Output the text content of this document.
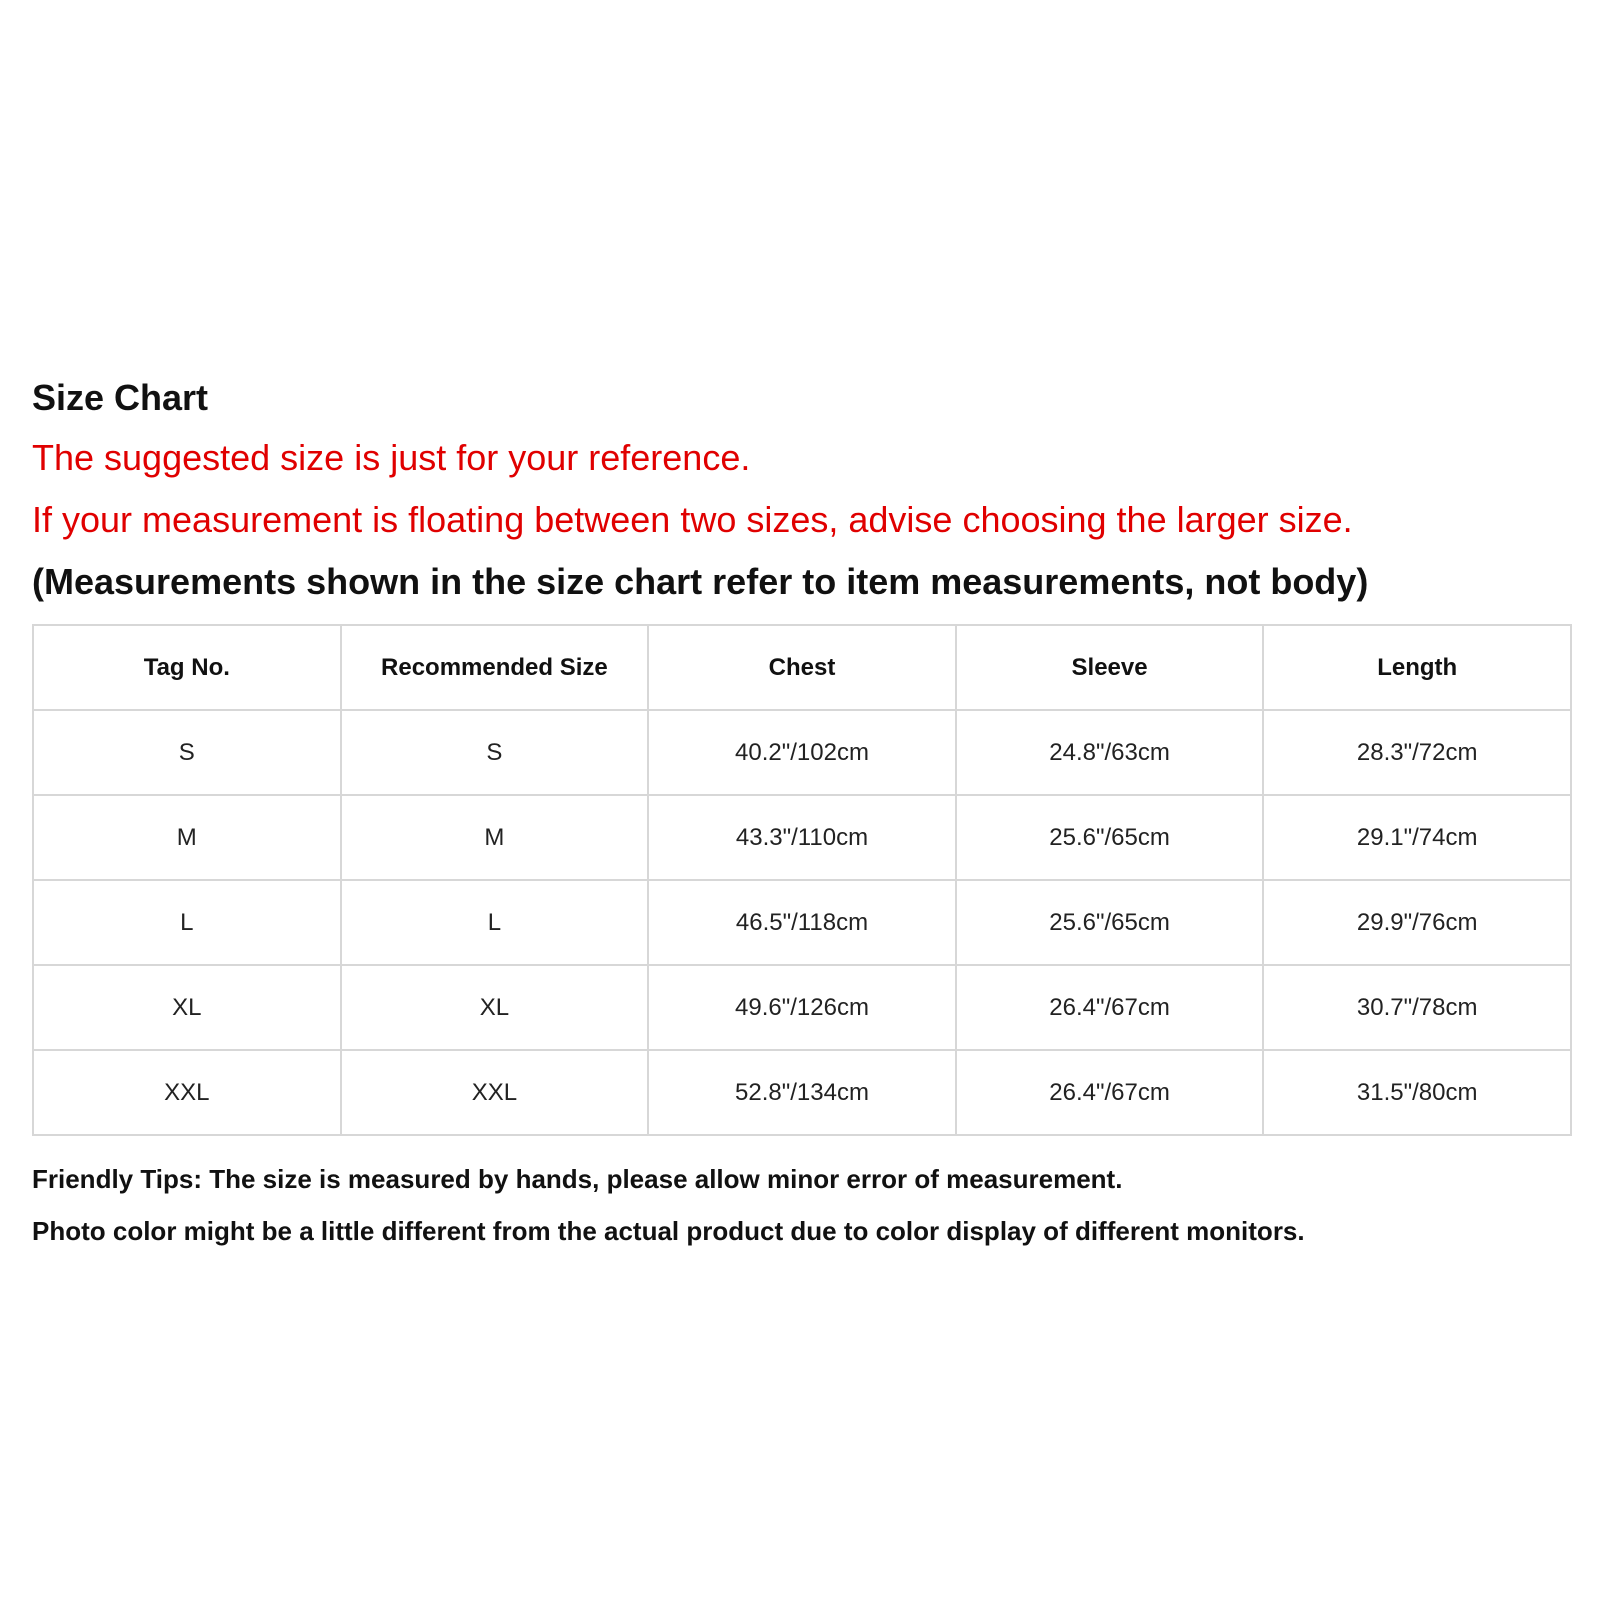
Size Chart
The suggested size is just for your reference.
If your measurement is floating between two sizes, advise choosing the larger size.
(Measurements shown in the size chart refer to item measurements, not body)
Tag No.	Recommended Size	Chest	Sleeve	Length
S	S	40.2"/102cm	24.8"/63cm	28.3"/72cm
M	M	43.3"/110cm	25.6"/65cm	29.1"/74cm
L	L	46.5"/118cm	25.6"/65cm	29.9"/76cm
XL	XL	49.6"/126cm	26.4"/67cm	30.7"/78cm
XXL	XXL	52.8"/134cm	26.4"/67cm	31.5"/80cm
Friendly Tips: The size is measured by hands, please allow minor error of measurement.
Photo color might be a little different from the actual product due to color display of different monitors.
